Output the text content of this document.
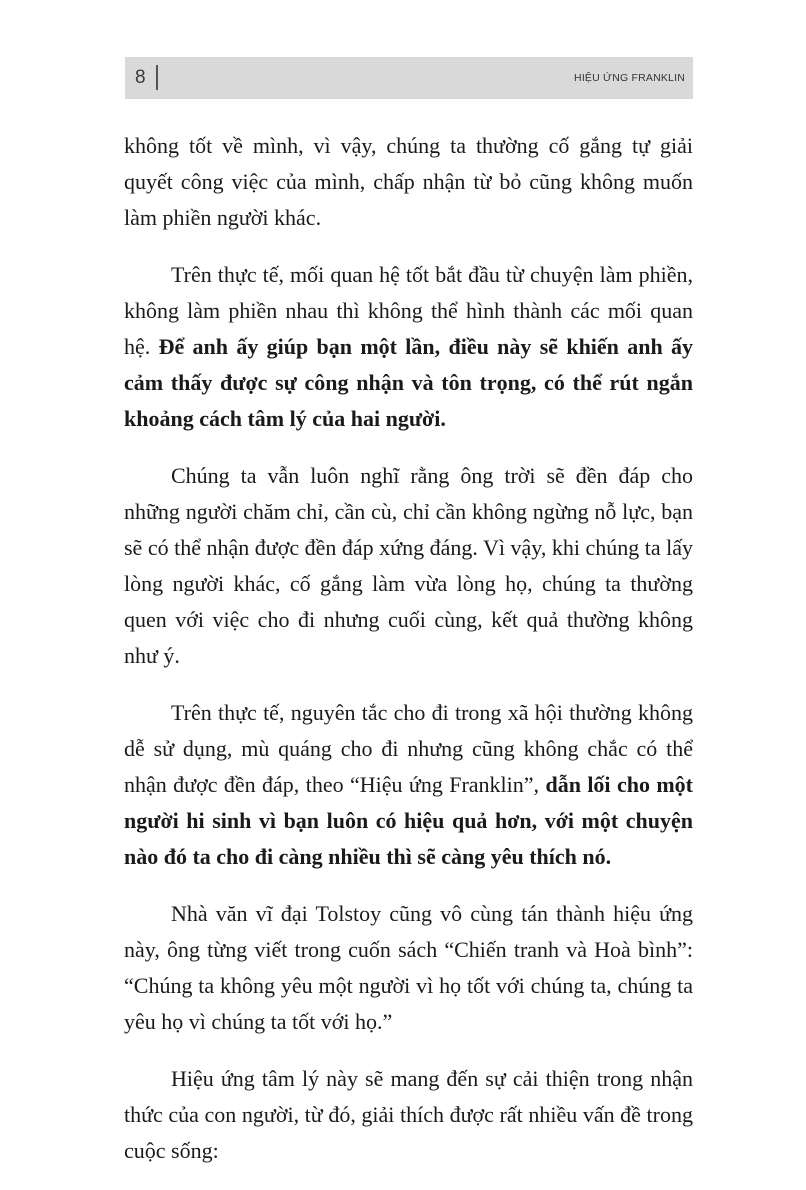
8	HIỆU ỨNG FRANKLIN

không tốt về mình, vì vậy, chúng ta thường cố gắng tự giải quyết công việc của mình, chấp nhận từ bỏ cũng không muốn làm phiền người khác.

Trên thực tế, mối quan hệ tốt bắt đầu từ chuyện làm phiền, không làm phiền nhau thì không thể hình thành các mối quan hệ. Để anh ấy giúp bạn một lần, điều này sẽ khiến anh ấy cảm thấy được sự công nhận và tôn trọng, có thể rút ngắn khoảng cách tâm lý của hai người.

Chúng ta vẫn luôn nghĩ rằng ông trời sẽ đền đáp cho những người chăm chỉ, cần cù, chỉ cần không ngừng nỗ lực, bạn sẽ có thể nhận được đền đáp xứng đáng. Vì vậy, khi chúng ta lấy lòng người khác, cố gắng làm vừa lòng họ, chúng ta thường quen với việc cho đi nhưng cuối cùng, kết quả thường không như ý.

Trên thực tế, nguyên tắc cho đi trong xã hội thường không dễ sử dụng, mù quáng cho đi nhưng cũng không chắc có thể nhận được đền đáp, theo “Hiệu ứng Franklin”, dẫn lối cho một người hi sinh vì bạn luôn có hiệu quả hơn, với một chuyện nào đó ta cho đi càng nhiều thì sẽ càng yêu thích nó.

Nhà văn vĩ đại Tolstoy cũng vô cùng tán thành hiệu ứng này, ông từng viết trong cuốn sách “Chiến tranh và Hoà bình”: “Chúng ta không yêu một người vì họ tốt với chúng ta, chúng ta yêu họ vì chúng ta tốt với họ.”

Hiệu ứng tâm lý này sẽ mang đến sự cải thiện trong nhận thức của con người, từ đó, giải thích được rất nhiều vấn đề trong cuộc sống:
